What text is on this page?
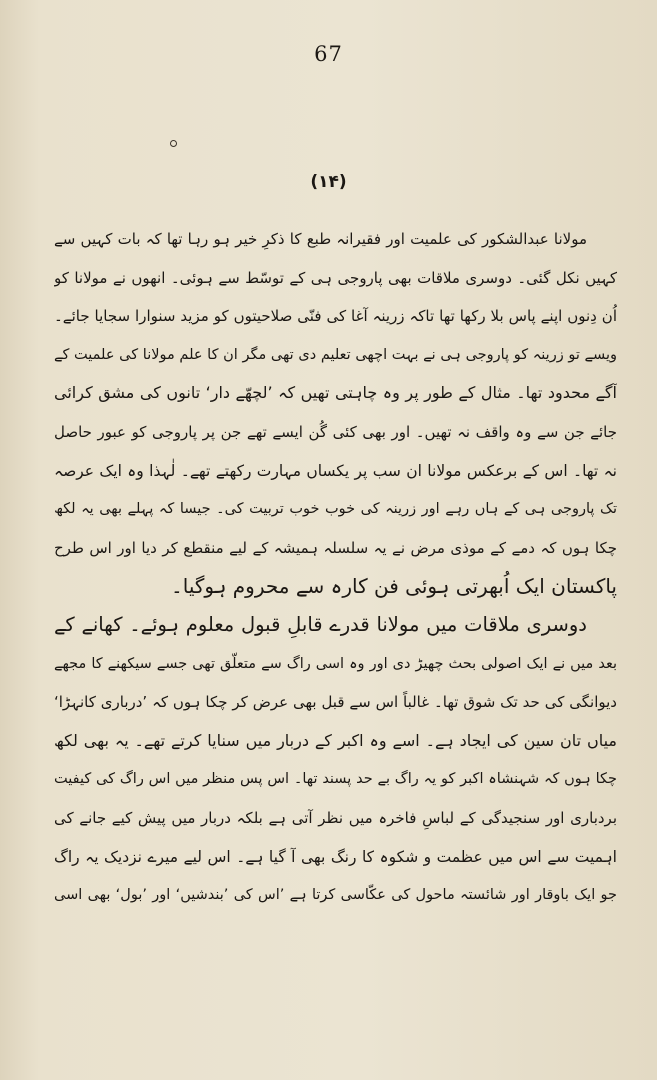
67
(۱۴)
مولانا عبدالشکور کی علمیت اور فقیرانہ طبع کا ذکرِ خیر ہو رہا تھا کہ بات کہیں سے
کہیں نکل گئی۔ دوسری ملاقات بھی پاروجی ہی کے توسّط سے ہوئی۔ انھوں نے مولانا کو
اُن دِنوں اپنے پاس بلا رکھا تھا تاکہ زرینہ آغا کی فنّی صلاحیتوں کو مزید سنوارا سجایا جائے۔
ویسے تو زرینہ کو پاروجی ہی نے بہت اچھی تعلیم دی تھی مگر ان کا علم مولانا کی علمیت کے
آگے محدود تھا۔ مثال کے طور پر وہ چاہتی تھیں کہ ’لچھّے دار‘ تانوں کی مشق کرائی
جائے جن سے وہ واقف نہ تھیں۔ اور بھی کئی گُن ایسے تھے جن پر پاروجی کو عبور حاصل
نہ تھا۔ اس کے برعکس مولانا ان سب پر یکساں مہارت رکھتے تھے۔ لٰہذا وہ ایک عرصہ
تک پاروجی ہی کے ہاں رہے اور زرینہ کی خوب خوب تربیت کی۔ جیسا کہ پہلے بھی یہ لکھ
چکا ہوں کہ دمے کے موذی مرض نے یہ سلسلہ ہمیشہ کے لیے منقطع کر دیا اور اس طرح
پاکستان ایک اُبھرتی ہوئی فن کارہ سے محروم ہوگیا۔
دوسری ملاقات میں مولانا قدرے قابلِ قبول معلوم ہوئے۔ کھانے کے
بعد میں نے ایک اصولی بحث چھیڑ دی اور وہ اسی راگ سے متعلّق تھی جسے سیکھنے کا مجھے
دیوانگی کی حد تک شوق تھا۔ غالباً اس سے قبل بھی عرض کر چکا ہوں کہ ’درباری کانہڑا‘
میاں تان سین کی ایجاد ہے۔ اسے وہ اکبر کے دربار میں سنایا کرتے تھے۔ یہ بھی لکھ
چکا ہوں کہ شہنشاہ اکبر کو یہ راگ بے حد پسند تھا۔ اس پس منظر میں اس راگ کی کیفیت
بردباری اور سنجیدگی کے لباسِ فاخرہ میں نظر آتی ہے بلکہ دربار میں پیش کیے جانے کی
اہمیت سے اس میں عظمت و شکوہ کا رنگ بھی آ گیا ہے۔ اس لیے میرے نزدیک یہ راگ
جو ایک باوقار اور شائستہ ماحول کی عکّاسی کرتا ہے ’اس کی ’بندشیں‘ اور ’بول‘ بھی اسی
